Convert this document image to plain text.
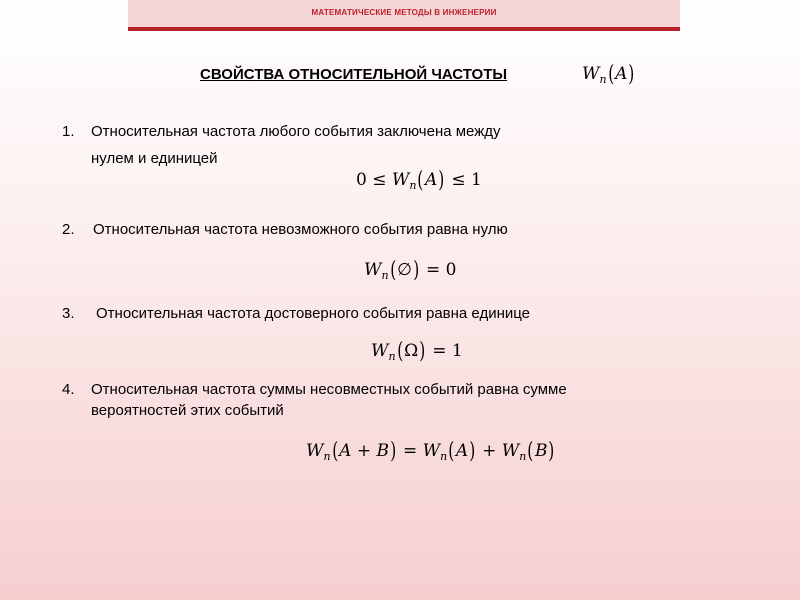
МАТЕМАТИЧЕСКИЕ МЕТОДЫ В ИНЖЕНЕРИИ
СВОЙСТВА ОТНОСИТЕЛЬНОЙ ЧАСТОТЫ	$W_n(A)$
1. Относительная частота любого события заключена между
нулем и единицей
$0 \le W_n(A) \le 1$
2. Относительная частота невозможного события равна нулю
$W_n(\emptyset) = 0$
3. Относительная частота достоверного события равна единице
$W_n(\Omega) = 1$
4. Относительная частота суммы несовместных событий равна сумме
вероятностей этих событий
$W_n(A + B) = W_n(A) + W_n(B)$
